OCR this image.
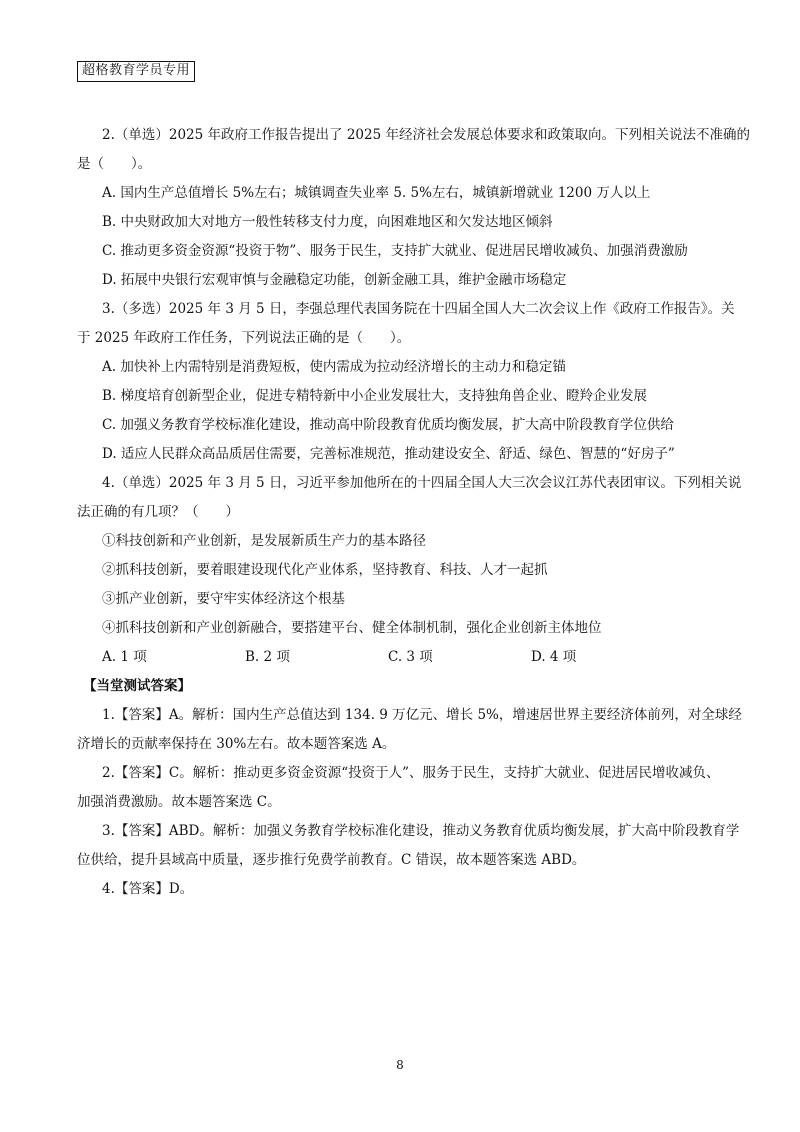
超格教育学员专用

2.（单选）2025 年政府工作报告提出了 2025 年经济社会发展总体要求和政策取向。下列相关说法不准确的

是（　　）。

A. 国内生产总值增长 5%左右；城镇调查失业率 5. 5%左右，城镇新增就业 1200 万人以上

B. 中央财政加大对地方一般性转移支付力度，向困难地区和欠发达地区倾斜

C. 推动更多资金资源“投资于物”、服务于民生，支持扩大就业、促进居民增收减负、加强消费激励

D. 拓展中央银行宏观审慎与金融稳定功能，创新金融工具，维护金融市场稳定

3.（多选）2025 年 3 月 5 日，李强总理代表国务院在十四届全国人大二次会议上作《政府工作报告》。关

于 2025 年政府工作任务，下列说法正确的是（　　）。

A. 加快补上内需特别是消费短板，使内需成为拉动经济增长的主动力和稳定锚

B. 梯度培育创新型企业，促进专精特新中小企业发展壮大，支持独角兽企业、瞪羚企业发展

C. 加强义务教育学校标准化建设，推动高中阶段教育优质均衡发展，扩大高中阶段教育学位供给

D. 适应人民群众高品质居住需要，完善标准规范，推动建设安全、舒适、绿色、智慧的“好房子”

4.（单选）2025 年 3 月 5 日，习近平参加他所在的十四届全国人大三次会议江苏代表团审议。下列相关说

法正确的有几项？（　　）

①科技创新和产业创新，是发展新质生产力的基本路径

②抓科技创新，要着眼建设现代化产业体系，坚持教育、科技、人才一起抓

③抓产业创新，要守牢实体经济这个根基

④抓科技创新和产业创新融合，要搭建平台、健全体制机制，强化企业创新主体地位

A. 1 项	B. 2 项	C. 3 项	D. 4 项

【当堂测试答案】

1.【答案】A。解析：国内生产总值达到 134. 9 万亿元、增长 5%，增速居世界主要经济体前列，对全球经

济增长的贡献率保持在 30%左右。故本题答案选 A。

2.【答案】C。解析：推动更多资金资源“投资于人”、服务于民生，支持扩大就业、促进居民增收减负、

加强消费激励。故本题答案选 C。

3.【答案】ABD。解析：加强义务教育学校标准化建设，推动义务教育优质均衡发展，扩大高中阶段教育学

位供给，提升县域高中质量，逐步推行免费学前教育。C 错误，故本题答案选 ABD。

4.【答案】D。

8
